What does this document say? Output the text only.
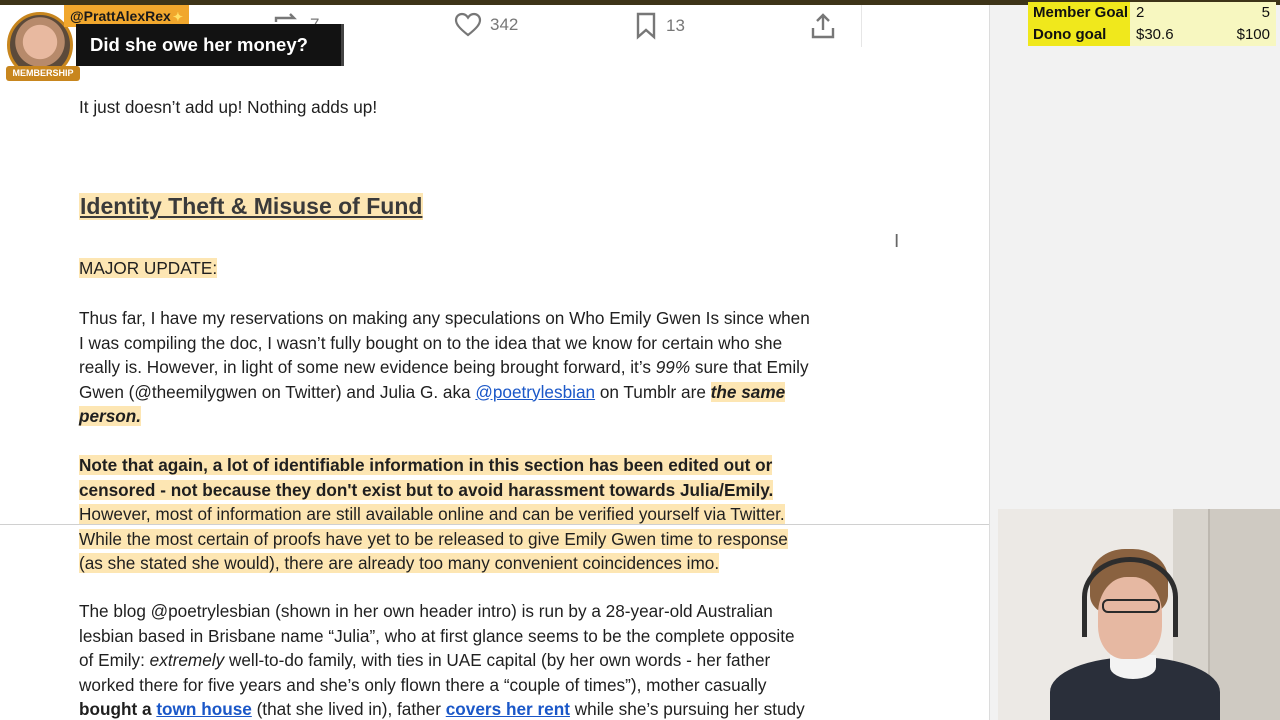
342	13
MEMBERSHIP
@PrattAlexRex ✦
Did she owe her money?
Member Goal 2	5
Dono goal	$30.6	$100
It just doesn’t add up! Nothing adds up!
Identity Theft & Misuse of Fund
MAJOR UPDATE:
Thus far, I have my reservations on making any speculations on Who Emily Gwen Is since when
I was compiling the doc, I wasn’t fully bought on to the idea that we know for certain who she
really is. However, in light of some new evidence being brought forward, it’s 99% sure that Emily
Gwen (@theemilygwen on Twitter) and Julia G. aka @poetrylesbian on Tumblr are the same
person.
Note that again, a lot of identifiable information in this section has been edited out or
censored - not because they don't exist but to avoid harassment towards Julia/Emily.
However, most of information are still available online and can be verified yourself via Twitter.
While the most certain of proofs have yet to be released to give Emily Gwen time to response
(as she stated she would), there are already too many convenient coincidences imo.
The blog @poetrylesbian (shown in her own header intro) is run by a 28-year-old Australian
lesbian based in Brisbane name “Julia”, who at first glance seems to be the complete opposite
of Emily: extremely well-to-do family, with ties in UAE capital (by her own words - her father
worked there for five years and she’s only flown there a “couple of times”), mother casually
bought a town house (that she lived in), father covers her rent while she’s pursuing her study
Ι
